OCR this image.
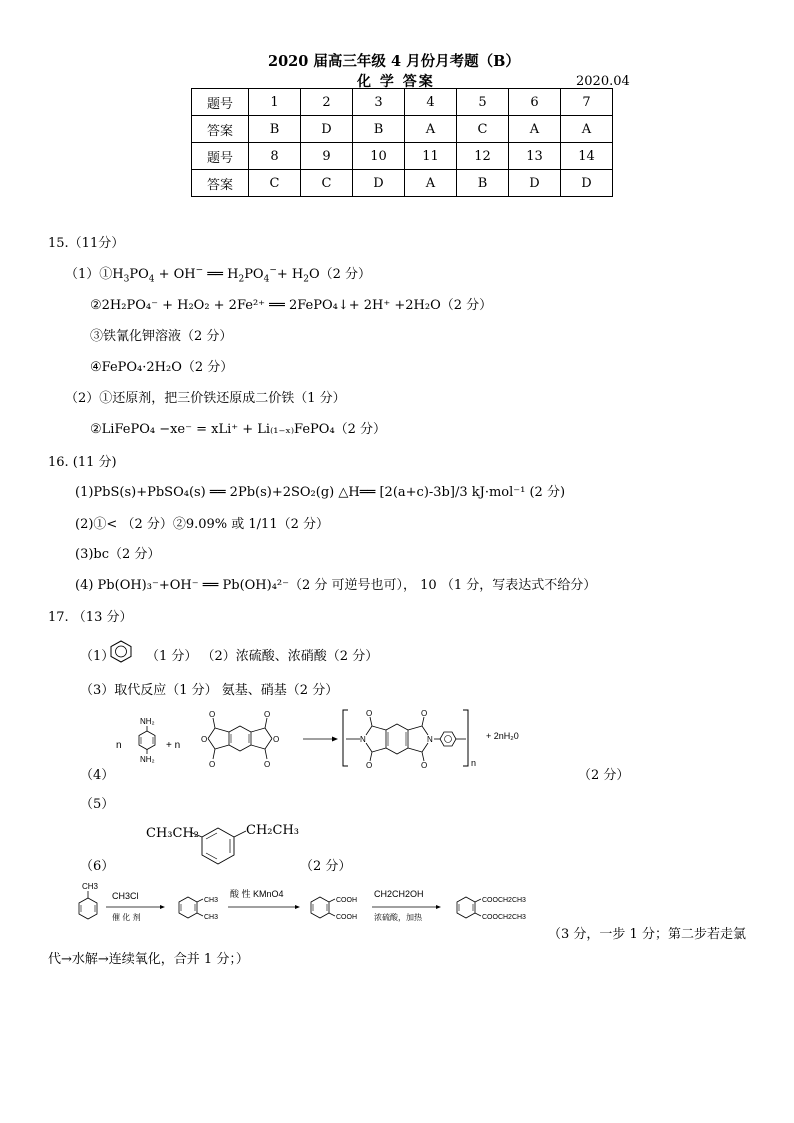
2020 届高三年级 4 月份月考题（B）
化 学 答案	2020.04
题号	1	2	3	4	5	6	7
答案	B	D	B	A	C	A	A
题号	8	9	10	11	12	13	14
答案	C	C	D	A	B	D	D
15.（11分）
$(1)①H_3PO_4 + OH^-$ ══ $H_2PO_4^-+ H_2O(2$ 分）
②2H₂PO₄⁻ + H₂O₂ + 2Fe²⁺ ══ 2FePO₄↓+ 2H⁺ +2H₂O（2 分）
③铁氰化钾溶液（2 分）
④FePO₄·2H₂O（2 分）
（2）①还原剂，把三价铁还原成二价铁（1 分）
②LiFePO₄ −xe⁻ = xLi⁺ + Li₍₁₋ₓ₎FePO₄（2 分）
16. (11 分)
(1)PbS(s)+PbSO₄(s) ══ 2Pb(s)+2SO₂(g) △H══ [2(a+c)-3b]/3 kJ·mol⁻¹ (2 分)
(2)①< （2 分）②9.09% 或 1/11（2 分）
(3)bc（2 分）
(4) Pb(OH)₃⁻+OH⁻ ══ Pb(OH)₄²⁻（2 分 可逆号也可）， 10 （1 分，写表达式不给分）
17. （13 分）
（1） （1 分） （2）浓硫酸、浓硝酸（2 分）
（3）取代反应（1 分） 氨基、硝基（2 分）
（4）
n
NH₂
NH₂
+ n
O
O
O
O
O
O
N
O
O
O
O
N
n
+ 2nH₂0
（2 分）
（5）
（6）
CH₃CH₂	CH₂CH₃
（2 分）
CH3
CH3Cl
催 化 剂
CH3
CH3
酸 性 KMnO4
COOH
COOH
CH2CH2OH
浓硫酸，加热
COOCH2CH3
COOCH2CH3
（3 分，一步 1 分；第二步若走氯
代→水解→连续氧化，合并 1 分；）
